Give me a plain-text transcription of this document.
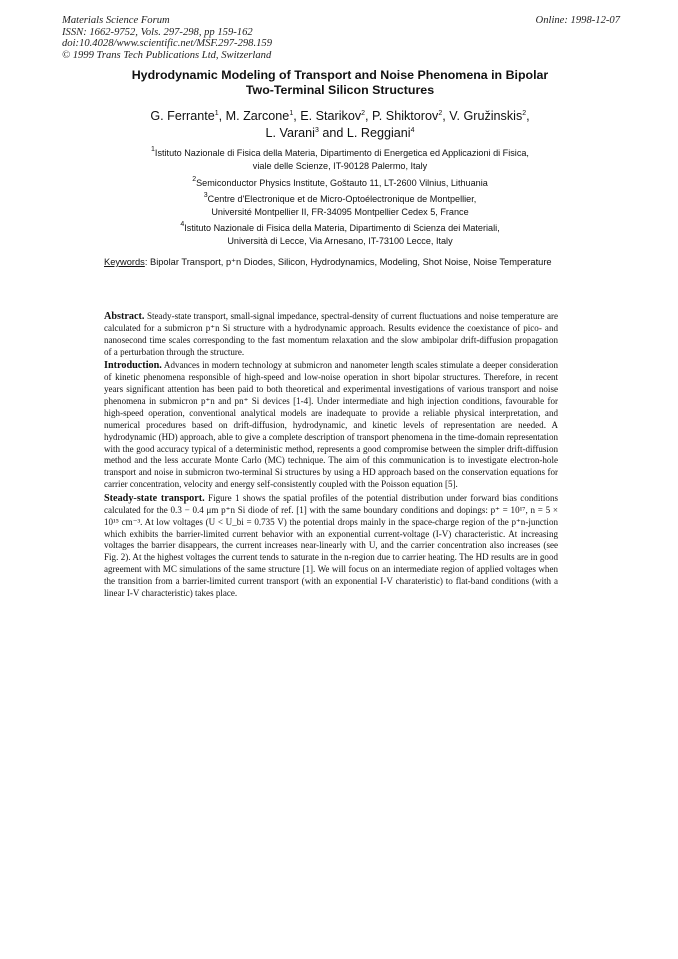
Materials Science Forum
ISSN: 1662-9752, Vols. 297-298, pp 159-162
doi:10.4028/www.scientific.net/MSF.297-298.159
© 1999 Trans Tech Publications Ltd, Switzerland
Online: 1998-12-07
Hydrodynamic Modeling of Transport and Noise Phenomena in Bipolar
Two-Terminal Silicon Structures
G. Ferrante$^1$, M. Zarcone$^1$, E. Starikov$^2$, P. Shiktorov$^2$, V. Gružinskis$^2$,
L. Varani$^3$ and L. Reggiani$^4$
$^1$Istituto Nazionale di Fisica della Materia, Dipartimento di Energetica ed Applicazioni di Fisica,
viale delle Scienze, IT-90128 Palermo, Italy
$^2$Semiconductor Physics Institute, Goštauto 11, LT-2600 Vilnius, Lithuania
$^3$Centre d'Electronique et de Micro-Optoélectronique de Montpellier,
Université Montpellier II, FR-34095 Montpellier Cedex 5, France
$^4$Istituto Nazionale di Fisica della Materia, Dipartimento di Scienza dei Materiali,
Università di Lecce, Via Arnesano, IT-73100 Lecce, Italy
Keywords: Bipolar Transport, p⁺n Diodes, Silicon, Hydrodynamics, Modeling, Shot Noise, Noise Temperature

Abstract. Steady-state transport, small-signal impedance, spectral-density of current fluctuations and noise temperature are calculated for a submicron p⁺n Si structure with a hydrodynamic approach. Results evidence the coexistance of pico- and nanosecond time scales corresponding to the fast momentum relaxation and the slow ambipolar drift-diffusion propagation of a perturbation through the structure.

Introduction. Advances in modern technology at submicron and nanometer length scales stimulate a deeper consideration of kinetic phenomena responsible of high-speed and low-noise operation in short bipolar structures. Therefore, in recent years significant attention has been paid to both theoretical and experimental investigations of various transport and noise phenomena in submicron p⁺n and pn⁺ Si devices [1-4]. Under intermediate and high injection conditions, favourable for high-speed operation, conventional analytical models are inadequate to provide a reliable physical interpretation, and numerical procedures based on drift-diffusion, hydrodynamic, and kinetic levels of representation are needed. A hydrodynamic (HD) approach, able to give a complete description of transport phenomena in the time-domain representation with the good accuracy typical of a deterministic method, represents a good compromise between the simpler drift-diffusion method and the less accurate Monte Carlo (MC) technique. The aim of this communication is to investigate electron-hole transport and noise in submicron two-terminal Si structures by using a HD approach based on the conservation equations for carrier concentration, velocity and energy self-consistently coupled with the Poisson equation [5].

Steady-state transport. Figure 1 shows the spatial profiles of the potential distribution under forward bias conditions calculated for the 0.3 − 0.4 μm p⁺n Si diode of ref. [1] with the same boundary conditions and dopings: p⁺ = 10¹⁷, n = 5 × 10¹⁵ cm⁻³. At low voltages (U < U_bi = 0.735 V) the potential drops mainly in the space-charge region of the p⁺n-junction which exhibits the barrier-limited current behavior with an exponential current-voltage (I-V) characteristic. At increasing voltages the barrier disappears, the current increases near-linearly with U, and the carrier concentration also increases (see Fig. 2). At the highest voltages the current tends to saturate in the n-region due to carrier heating. The HD results are in good agreement with MC simulations of the same structure [1]. We will focus on an intermediate region of applied voltages when the transition from a barrier-limited current transport (with an exponential I-V charateristic) to flat-band conditions (with a linear I-V characteristic) takes place.
